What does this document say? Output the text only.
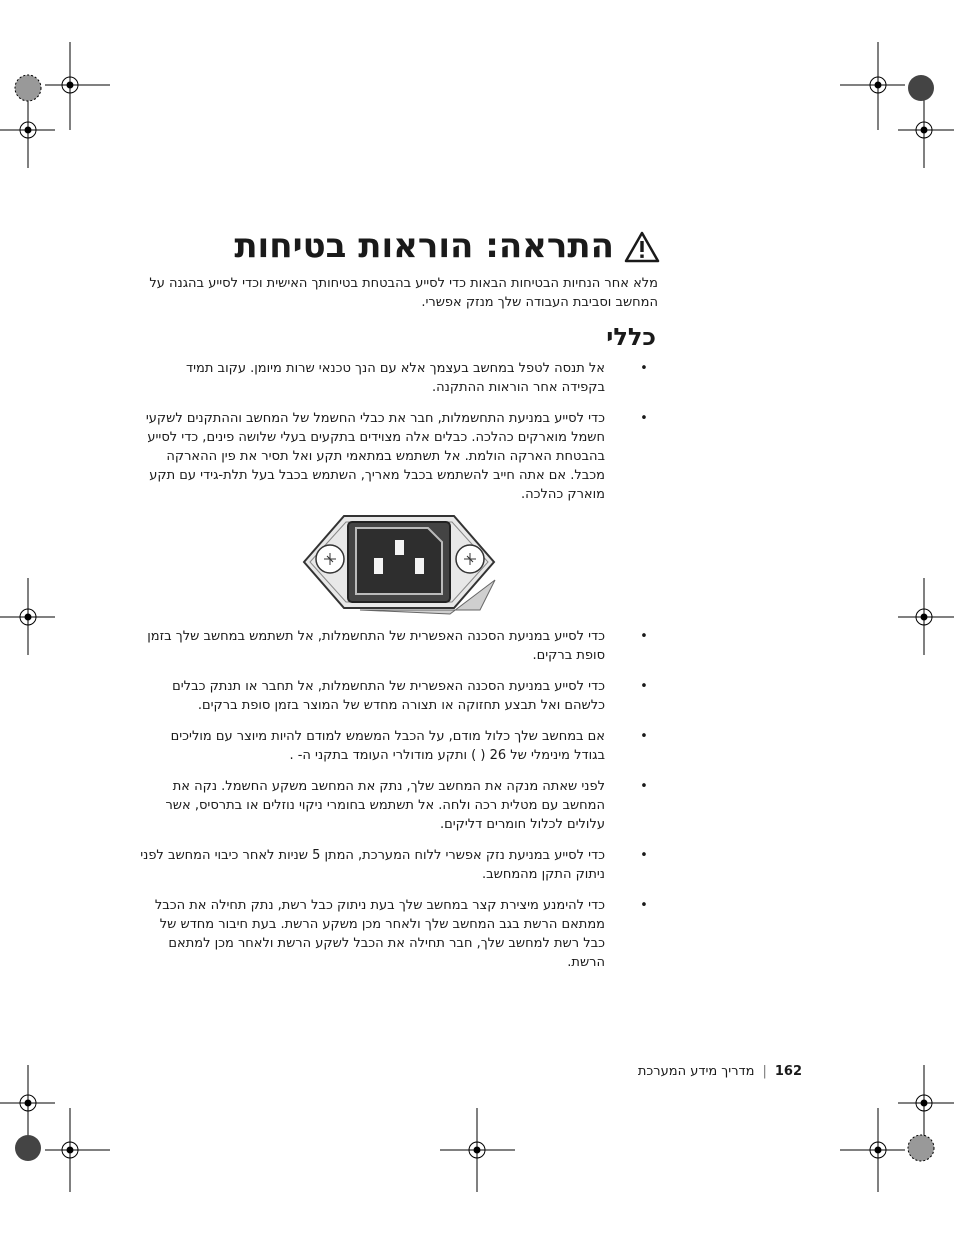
התראה: הוראות בטיחות
מלא אחר הנחיות הבטיחות הבאות כדי לסייע בהבטחת בטיחותך האישית וכדי לסייע בהגנה על המחשב וסביבת העבודה שלך מנזק אפשרי.
כללי
•
אל תנסה לטפל במחשב בעצמך אלא עם הנך טכנאי שרות מיומן. עקוב תמיד בקפידה אחר הוראות ההתקנה.
•
כדי לסייע במניעת התחשמלות, חבר את כבלי החשמל של המחשב וההתקנים לשקעי חשמל מוארקים כהלכה. כבלים אלה מצוידים בתקעים בעלי שלושה פינים, כדי לסייע בהבטחת הארקה הולמת. אל תשתמש במתאמי תקע ואל תסיר את פין ההארקה מכבל. אם אתה חייב להשתמש בכבל מאריך, השתמש בכבל בעל תלת-גידי עם תקע מוארק כהלכה.
•
כדי לסייע במניעת הסכנה האפשרית של התחשמלות, אל תשתמש במחשב שלך בזמן סופת ברקים.
•
כדי לסייע במניעת הסכנה האפשרית של התחשמלות, אל תחבר או תנתק כבלים כלשהם ואל תבצע תחזוקה או תצורה מחדש של המוצר בזמן סופת ברקים.
•
אם במחשב שלך כלול מודם, על הכבל המשמש למודם להיות מיוצר עם מוליכים בגודל מינימלי של 26 ( ) ותקע מודולרי העומד בתקני ה- .
•
לפני שאתה מנקה את המחשב שלך, נתק את המחשב משקע החשמל. נקה את המחשב עם מטלית רכה ולחה. אל תשתמש בחומרי ניקוי נוזלים או בתרסיס, אשר עלולים לכלול חומרים דליקים.
•
כדי לסייע במניעת נזק אפשרי ללוח המערכת, המתן 5 שניות לאחר כיבוי המחשב לפני ניתוק התקן מהמחשב.
•
כדי להימנע מיצירת קצר במחשב שלך בעת ניתוק כבל רשת, נתק תחילה את הכבל ממתאם הרשת בגב המחשב שלך ולאחר מכן משקע הרשת. בעת חיבור מחדש של כבל רשת למחשב שלך, חבר תחילה את הכבל לשקע הרשת ולאחר מכן למתאם הרשת.
162|מדריך מידע המערכת
